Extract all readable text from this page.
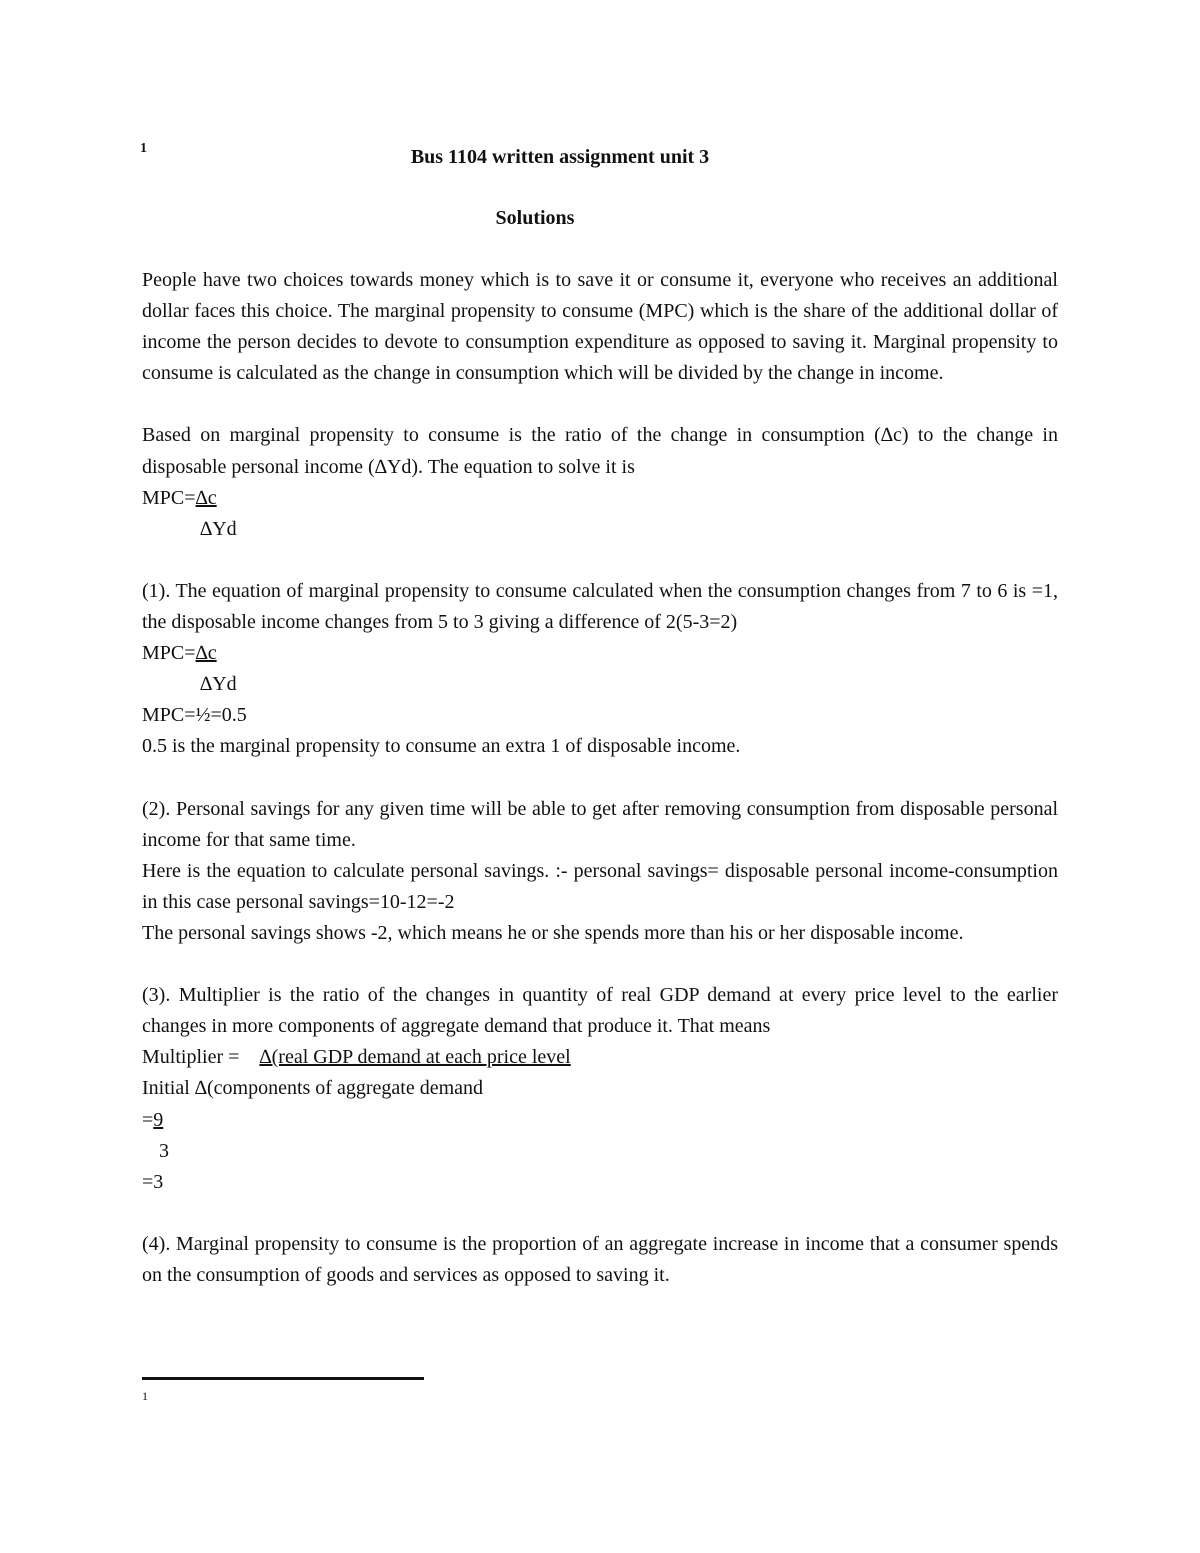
1	Bus 1104 written assignment unit 3
Solutions

People have two choices towards money which is to save it or consume it, everyone who receives an additional dollar faces this choice. The marginal propensity to consume (MPC) which is the share of the additional dollar of income the person decides to devote to consumption expenditure as opposed to saving it. Marginal propensity to consume is calculated as the change in consumption which will be divided by the change in income.

Based on marginal propensity to consume is the ratio of the change in consumption (∆c) to the change in disposable personal income (∆Yd). The equation to solve it is

MPC=∆c

∆Yd

(1). The equation of marginal propensity to consume calculated when the consumption changes from 7 to 6 is =1, the disposable income changes from 5 to 3 giving a difference of 2(5-3=2)

MPC=∆c

∆Yd

MPC=½=0.5

0.5 is the marginal propensity to consume an extra 1 of disposable income.

(2). Personal savings for any given time will be able to get after removing consumption from disposable personal income for that same time.

Here is the equation to calculate personal savings. :- personal savings= disposable personal income-consumption in this case personal savings=10-12=-2

The personal savings shows -2, which means he or she spends more than his or her disposable income.

(3). Multiplier is the ratio of the changes in quantity of real GDP demand at every price level to the earlier changes in more components of aggregate demand that produce it. That means

Multiplier = ∆(real GDP demand at each price level

Initial ∆(components of aggregate demand

=9

3

=3

(4). Marginal propensity to consume is the proportion of an aggregate increase in income that a consumer spends on the consumption of goods and services as opposed to saving it.

1
